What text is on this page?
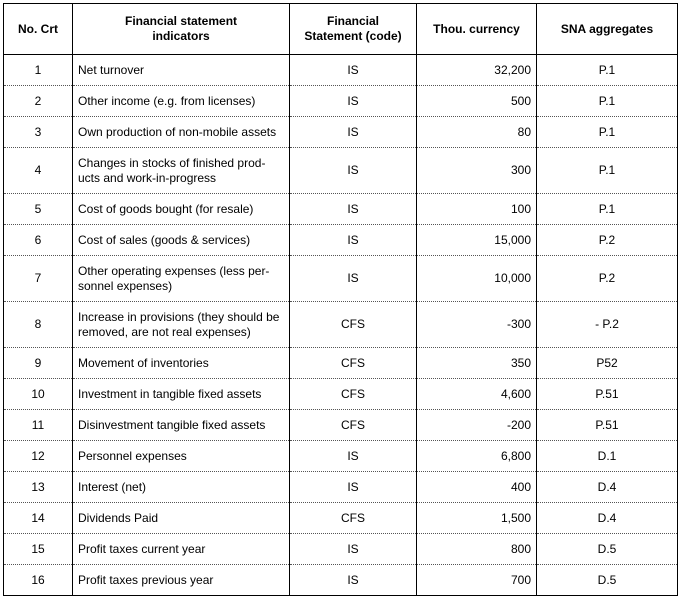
No. Crt	Financial statement indicators	Financial Statement (code)	Thou. currency	SNA aggregates
1	Net turnover	IS	32,200	P.1
2	Other income (e.g. from licenses)	IS	500	P.1
3	Own production of non-mobile assets	IS	80	P.1
4	Changes in stocks of finished prod-ucts and work-in-progress	IS	300	P.1
5	Cost of goods bought (for resale)	IS	100	P.1
6	Cost of sales (goods & services)	IS	15,000	P.2
7	Other operating expenses (less per-sonnel expenses)	IS	10,000	P.2
8	Increase in provisions (they should be removed, are not real expenses)	CFS	-300	- P.2
9	Movement of inventories	CFS	350	P52
10	Investment in tangible fixed assets	CFS	4,600	P.51
11	Disinvestment tangible fixed assets	CFS	-200	P.51
12	Personnel expenses	IS	6,800	D.1
13	Interest (net)	IS	400	D.4
14	Dividends Paid	CFS	1,500	D.4
15	Profit taxes current year	IS	800	D.5
16	Profit taxes previous year	IS	700	D.5
